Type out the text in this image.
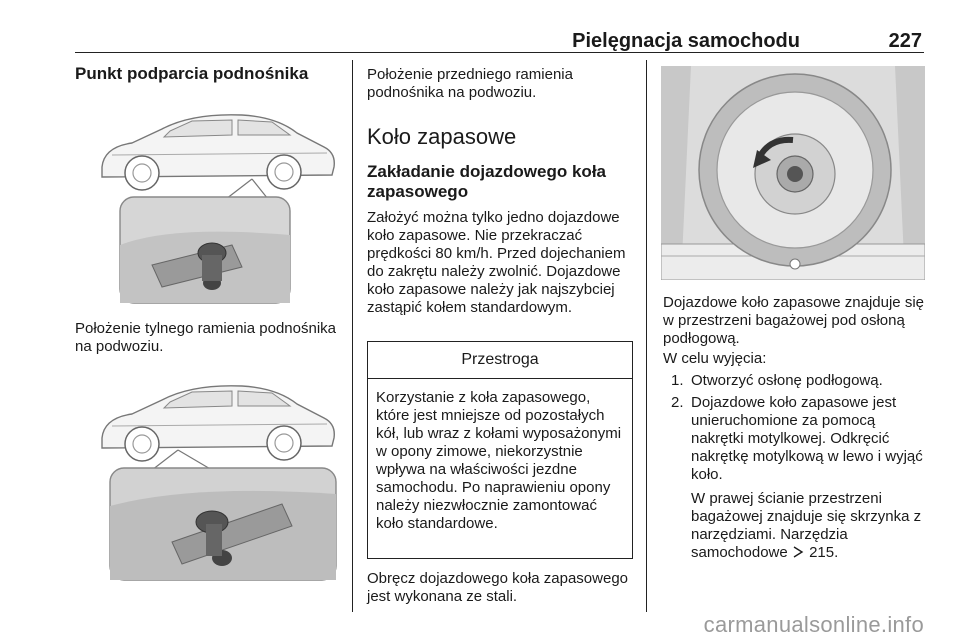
Pielęgnacja samochodu	227
Punkt podparcia podnośnika
Położenie tylnego ramienia podnośnika na podwoziu.
Położenie przedniego ramienia podnośnika na podwoziu.
Koło zapasowe
Zakładanie dojazdowego koła zapasowego
Założyć można tylko jedno dojazdowe koło zapasowe. Nie przekraczać prędkości 80 km/h. Przed dojechaniem do zakrętu należy zwolnić. Dojazdowe koło zapasowe należy jak najszybciej zastąpić kołem standardowym.
Przestroga
Korzystanie z koła zapasowego, które jest mniejsze od pozostałych kół, lub wraz z kołami wyposażonymi w opony zimowe, niekorzystnie wpływa na właściwości jezdne samochodu. Po naprawieniu opony należy niezwłocznie zamontować koło standardowe.
Obręcz dojazdowego koła zapasowego jest wykonana ze stali.
Dojazdowe koło zapasowe znajduje się w przestrzeni bagażowej pod osłoną podłogową.
W celu wyjęcia:
1. Otworzyć osłonę podłogową.
2. Dojazdowe koło zapasowe jest unieruchomione za pomocą nakrętki motylkowej. Odkręcić nakrętkę motylkową w lewo i wyjąć koło.
W prawej ścianie przestrzeni bagażowej znajduje się skrzynka z narzędziami. Narzędzia samochodowe 215.
carmanualsonline.info
